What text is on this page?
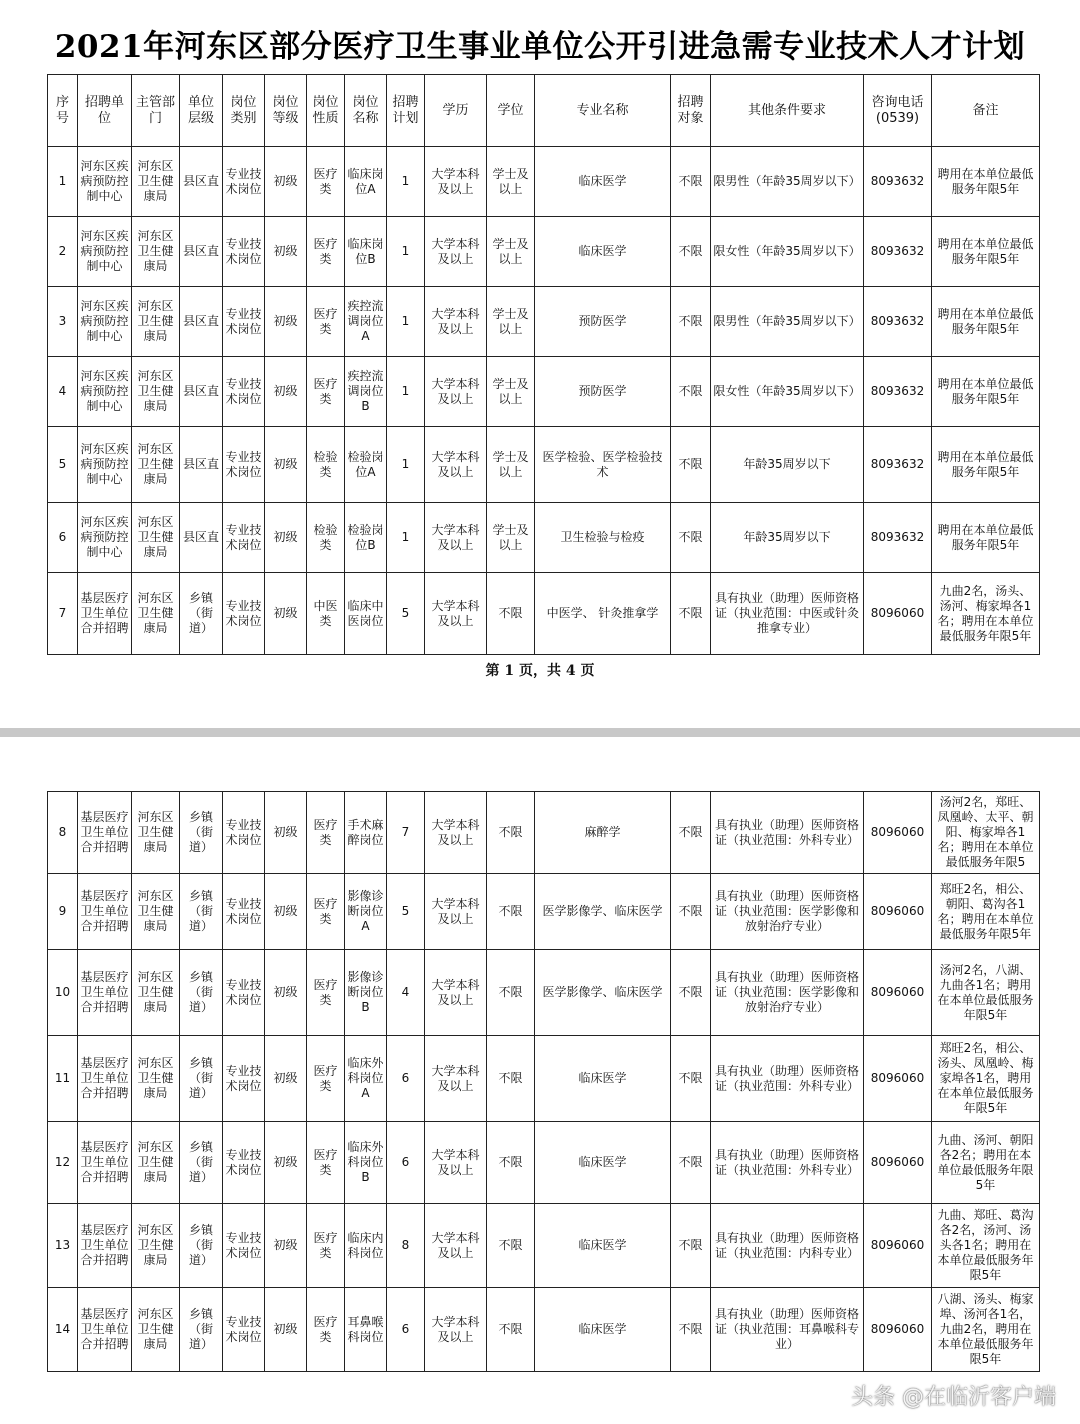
2021年河东区部分医疗卫生事业单位公开引进急需专业技术人才计划
序号	招聘单位	主管部门	单位层级	岗位类别	岗位等级	岗位性质	岗位名称	招聘计划	学历	学位	专业名称	招聘对象	其他条件要求	咨询电话(0539)	备注
1	河东区疾病预防控制中心	河东区卫生健康局	县区直	专业技术岗位	初级	医疗类	临床岗位A	1	大学本科及以上	学士及以上	临床医学	不限	限男性（年龄35周岁以下）	8093632	聘用在本单位最低服务年限5年
2	河东区疾病预防控制中心	河东区卫生健康局	县区直	专业技术岗位	初级	医疗类	临床岗位B	1	大学本科及以上	学士及以上	临床医学	不限	限女性（年龄35周岁以下）	8093632	聘用在本单位最低服务年限5年
3	河东区疾病预防控制中心	河东区卫生健康局	县区直	专业技术岗位	初级	医疗类	疾控流调岗位A	1	大学本科及以上	学士及以上	预防医学	不限	限男性（年龄35周岁以下）	8093632	聘用在本单位最低服务年限5年
4	河东区疾病预防控制中心	河东区卫生健康局	县区直	专业技术岗位	初级	医疗类	疾控流调岗位B	1	大学本科及以上	学士及以上	预防医学	不限	限女性（年龄35周岁以下）	8093632	聘用在本单位最低服务年限5年
5	河东区疾病预防控制中心	河东区卫生健康局	县区直	专业技术岗位	初级	检验类	检验岗位A	1	大学本科及以上	学士及以上	医学检验、医学检验技术	不限	年龄35周岁以下	8093632	聘用在本单位最低服务年限5年
6	河东区疾病预防控制中心	河东区卫生健康局	县区直	专业技术岗位	初级	检验类	检验岗位B	1	大学本科及以上	学士及以上	卫生检验与检疫	不限	年龄35周岁以下	8093632	聘用在本单位最低服务年限5年
7	基层医疗卫生单位合并招聘	河东区卫生健康局	乡镇（街道）	专业技术岗位	初级	中医类	临床中医岗位	5	大学本科及以上	不限	中医学、 针灸推拿学	不限	具有执业（助理）医师资格证（执业范围：中医或针灸推拿专业）	8096060	九曲2名，汤头、汤河、梅家埠各1名；聘用在本单位最低服务年限5年
第 1 页，共 4 页
8	基层医疗卫生单位合并招聘	河东区卫生健康局	乡镇（街道）	专业技术岗位	初级	医疗类	手术麻醉岗位	7	大学本科及以上	不限	麻醉学	不限	具有执业（助理）医师资格证（执业范围：外科专业）	8096060	汤河2名，郑旺、凤凰岭、太平、朝阳、梅家埠各1名；聘用在本单位最低服务年限5
9	基层医疗卫生单位合并招聘	河东区卫生健康局	乡镇（街道）	专业技术岗位	初级	医疗类	影像诊断岗位A	5	大学本科及以上	不限	医学影像学、临床医学	不限	具有执业（助理）医师资格证（执业范围：医学影像和放射治疗专业）	8096060	郑旺2名，相公、朝阳、葛沟各1名；聘用在本单位最低服务年限5年
10	基层医疗卫生单位合并招聘	河东区卫生健康局	乡镇（街道）	专业技术岗位	初级	医疗类	影像诊断岗位B	4	大学本科及以上	不限	医学影像学、临床医学	不限	具有执业（助理）医师资格证（执业范围：医学影像和放射治疗专业）	8096060	汤河2名，八湖、九曲各1名；聘用在本单位最低服务年限5年
11	基层医疗卫生单位合并招聘	河东区卫生健康局	乡镇（街道）	专业技术岗位	初级	医疗类	临床外科岗位A	6	大学本科及以上	不限	临床医学	不限	具有执业（助理）医师资格证（执业范围：外科专业）	8096060	郑旺2名，相公、汤头、凤凰岭、梅家埠各1名，聘用在本单位最低服务年限5年
12	基层医疗卫生单位合并招聘	河东区卫生健康局	乡镇（街道）	专业技术岗位	初级	医疗类	临床外科岗位B	6	大学本科及以上	不限	临床医学	不限	具有执业（助理）医师资格证（执业范围：外科专业）	8096060	九曲、汤河、朝阳各2名；聘用在本单位最低服务年限5年
13	基层医疗卫生单位合并招聘	河东区卫生健康局	乡镇（街道）	专业技术岗位	初级	医疗类	临床内科岗位	8	大学本科及以上	不限	临床医学	不限	具有执业（助理）医师资格证（执业范围：内科专业）	8096060	九曲、郑旺、葛沟各2名，汤河、汤头各1名；聘用在本单位最低服务年限5年
14	基层医疗卫生单位合并招聘	河东区卫生健康局	乡镇（街道）	专业技术岗位	初级	医疗类	耳鼻喉科岗位	6	大学本科及以上	不限	临床医学	不限	具有执业（助理）医师资格证（执业范围：耳鼻喉科专业）	8096060	八湖、汤头、梅家埠、汤河各1名，九曲2名，聘用在本单位最低服务年限5年
头条 @在临沂客户端
